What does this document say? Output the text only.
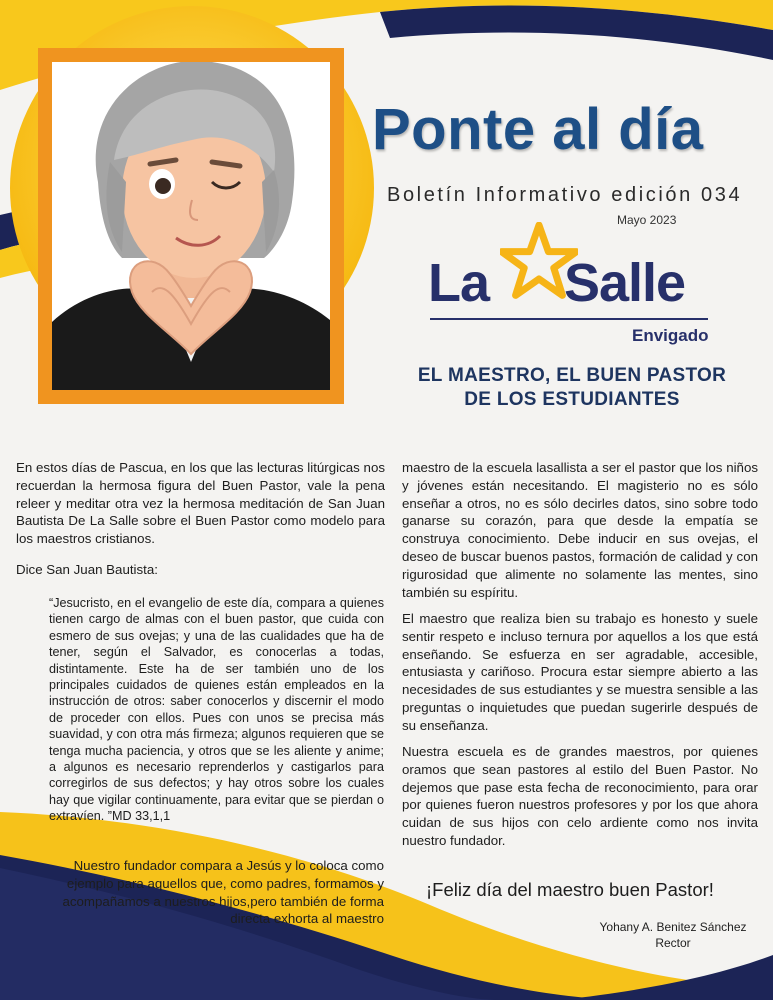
Ponte al día
Boletín Informativo edición 034
Mayo 2023
La Salle
Envigado
EL MAESTRO, EL BUEN PASTOR
DE LOS ESTUDIANTES

En estos días de Pascua, en los que las lecturas litúrgicas nos recuerdan la hermosa figura del Buen Pastor, vale la pena releer y meditar otra vez la hermosa meditación de San Juan Bautista De La Salle sobre el Buen Pastor como modelo para los maestros cristianos.

Dice San Juan Bautista:

“Jesucristo, en el evangelio de este día, compara a quienes tienen cargo de almas con el buen pastor, que cuida con esmero de sus ovejas; y una de las cualidades que ha de tener, según el Salvador, es conocerlas a todas, distintamente. Este ha de ser también uno de los principales cuidados de quienes están empleados en la instrucción de otros: saber conocerlos y discernir el modo de proceder con ellos. Pues con unos se precisa más suavidad, y con otra más firmeza; algunos requieren que se tenga mucha paciencia, y otros que se les aliente y anime; a algunos es necesario reprenderlos y castigarlos para corregirlos de sus defectos; y hay otros sobre los cuales hay que vigilar continuamente, para evitar que se pierdan o extravíen. ”MD 33,1,1
Nuestro fundador compara a Jesús y lo coloca como ejemplo para aquellos que, como padres, formamos y acompañamos a nuestros hijos,pero también de forma directa exhorta al maestro

maestro de la escuela lasallista a ser el pastor que los niños y jóvenes están necesitando. El magisterio no es sólo enseñar a otros, no es sólo decirles datos, sino sobre todo ganarse su corazón, para que desde la empatía se construya conocimiento. Debe inducir en sus ovejas, el deseo de buscar buenos pastos, formación de calidad y con rigurosidad que alimente no solamente las mentes, sino también su espíritu.

El maestro que realiza bien su trabajo es honesto y suele sentir respeto e incluso ternura por aquellos a los que está enseñando. Se esfuerza en ser agradable, accesible, entusiasta y cariñoso. Procura estar siempre abierto a las necesidades de sus estudiantes y se muestra sensible a las preguntas o inquietudes que puedan sugerirle después de su enseñanza.

Nuestra escuela es de grandes maestros, por quienes oramos que sean pastores al estilo del Buen Pastor. No dejemos que pase esta fecha de reconocimiento, para orar por quienes fueron nuestros profesores y por los que ahora cuidan de sus hijos con celo ardiente como nos invita nuestro fundador.

¡Feliz día del maestro buen Pastor!
Yohany A. Benitez Sánchez
Rector
